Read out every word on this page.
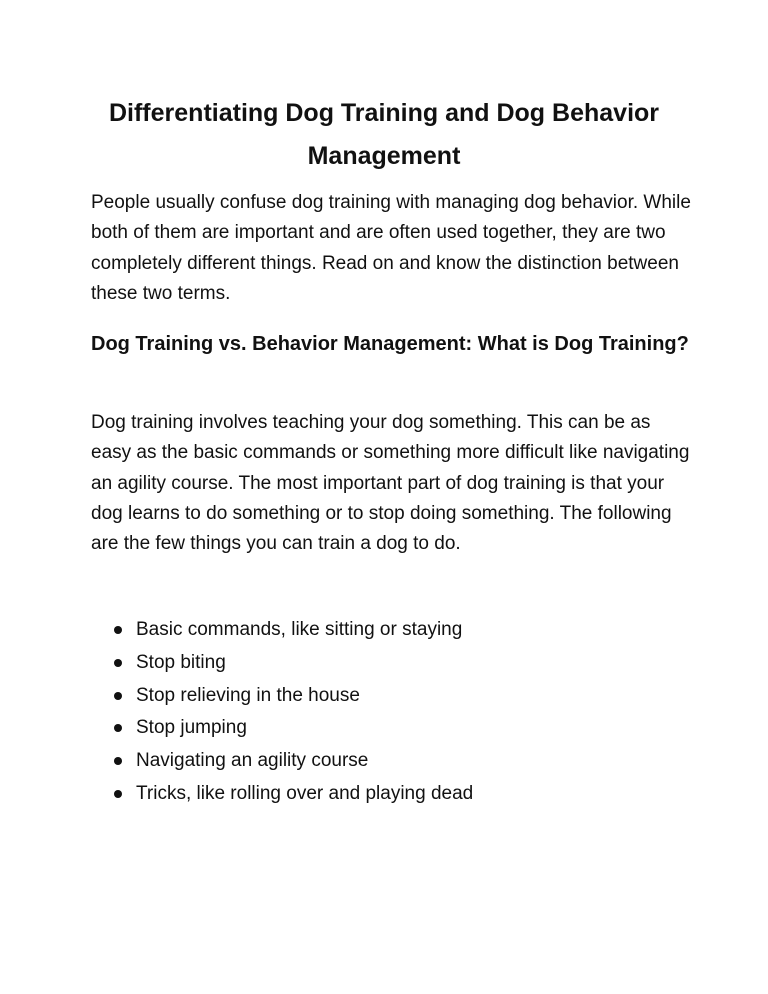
Differentiating Dog Training and Dog Behavior Management

People usually confuse dog training with managing dog behavior. While both of them are important and are often used together, they are two completely different things. Read on and know the distinction between these two terms.

Dog Training vs. Behavior Management: What is Dog Training?

Dog training involves teaching your dog something. This can be as easy as the basic commands or something more difficult like navigating an agility course. The most important part of dog training is that your dog learns to do something or to stop doing something. The following are the few things you can train a dog to do.

Basic commands, like sitting or staying
Stop biting
Stop relieving in the house
Stop jumping
Navigating an agility course
Tricks, like rolling over and playing dead
